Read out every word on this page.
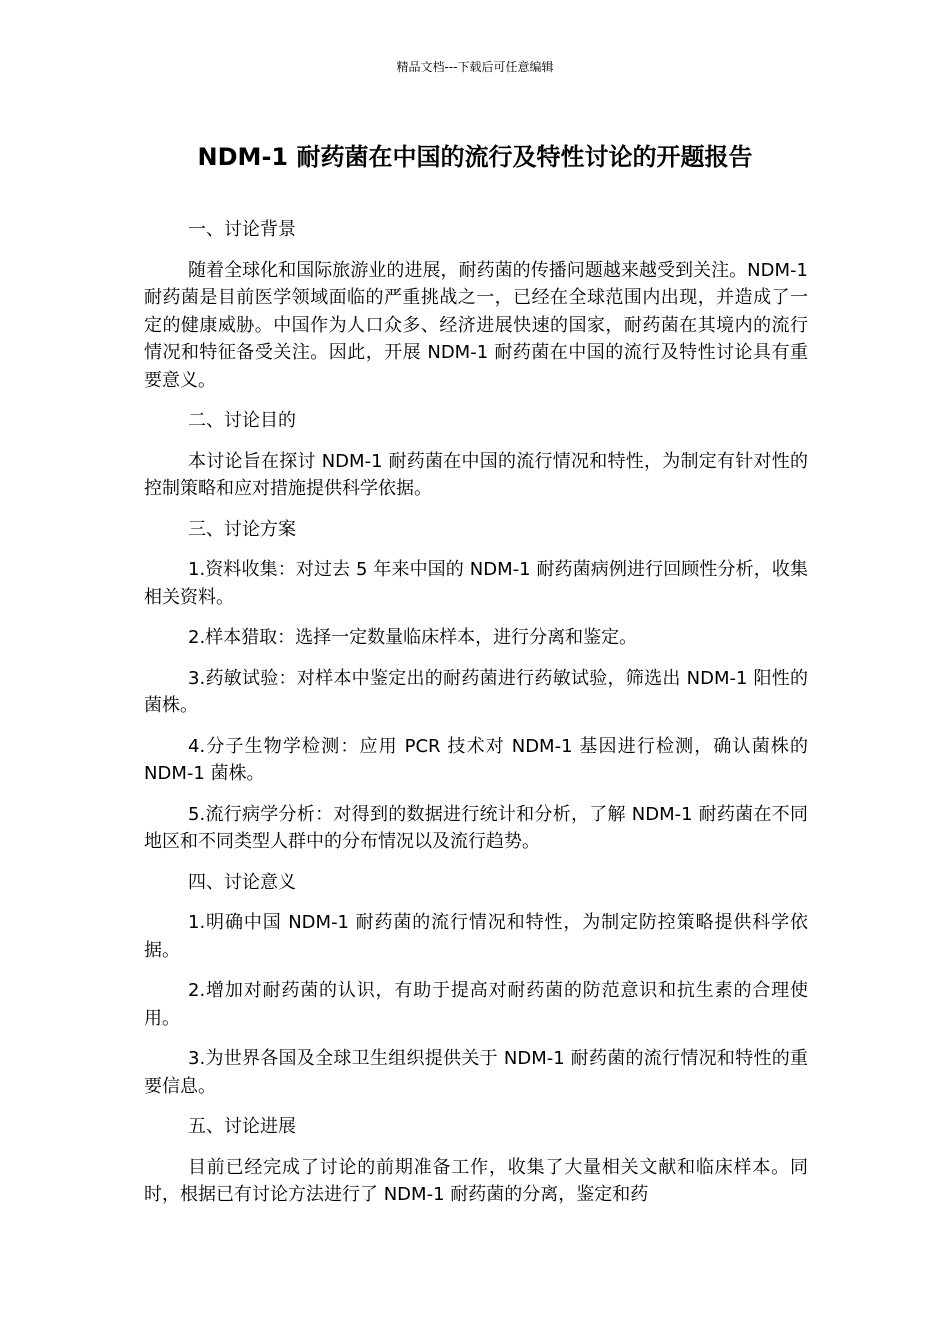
精品文档---下载后可任意编辑
NDM-1 耐药菌在中国的流行及特性讨论的开题报告

一、讨论背景

随着全球化和国际旅游业的进展，耐药菌的传播问题越来越受到关注。NDM-1 耐药菌是目前医学领域面临的严重挑战之一，已经在全球范围内出现，并造成了一定的健康威胁。中国作为人口众多、经济进展快速的国家，耐药菌在其境内的流行情况和特征备受关注。因此，开展 NDM-1 耐药菌在中国的流行及特性讨论具有重要意义。

二、讨论目的

本讨论旨在探讨 NDM-1 耐药菌在中国的流行情况和特性，为制定有针对性的控制策略和应对措施提供科学依据。

三、讨论方案

1.资料收集：对过去 5 年来中国的 NDM-1 耐药菌病例进行回顾性分析，收集相关资料。

2.样本猎取：选择一定数量临床样本，进行分离和鉴定。

3.药敏试验：对样本中鉴定出的耐药菌进行药敏试验，筛选出 NDM-1 阳性的菌株。

4.分子生物学检测：应用 PCR 技术对 NDM-1 基因进行检测，确认菌株的 NDM-1 菌株。

5.流行病学分析：对得到的数据进行统计和分析，了解 NDM-1 耐药菌在不同地区和不同类型人群中的分布情况以及流行趋势。

四、讨论意义

1.明确中国 NDM-1 耐药菌的流行情况和特性，为制定防控策略提供科学依据。

2.增加对耐药菌的认识，有助于提高对耐药菌的防范意识和抗生素的合理使用。

3.为世界各国及全球卫生组织提供关于 NDM-1 耐药菌的流行情况和特性的重要信息。

五、讨论进展

目前已经完成了讨论的前期准备工作，收集了大量相关文献和临床样本。同时，根据已有讨论方法进行了 NDM-1 耐药菌的分离，鉴定和药
